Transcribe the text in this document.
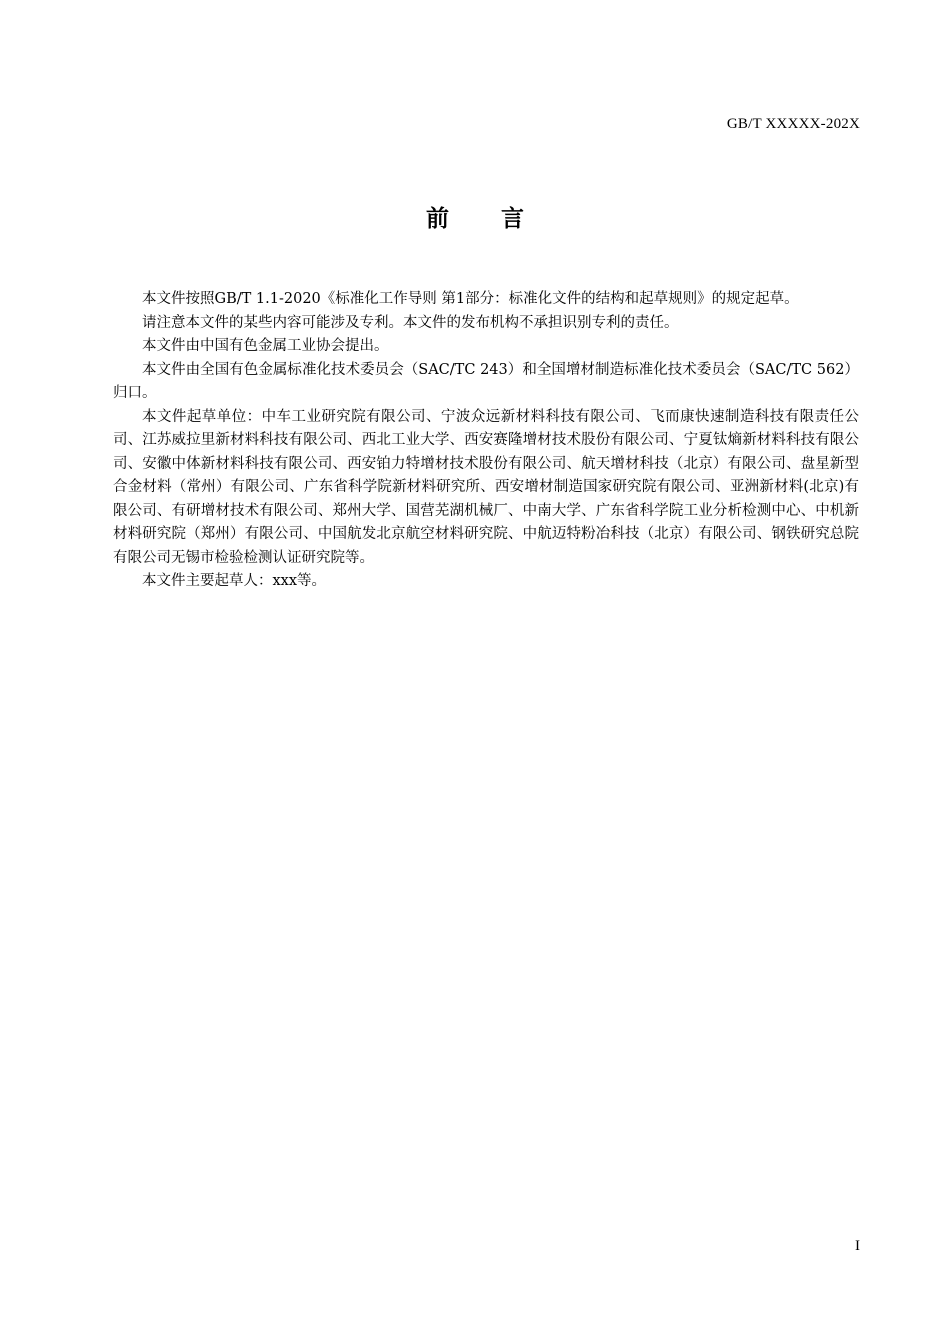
GB/T XXXXX-202X
前言

本文件按照GB/T 1.1-2020《标准化工作导则 第1部分：标准化文件的结构和起草规则》的规定起草。

请注意本文件的某些内容可能涉及专利。本文件的发布机构不承担识别专利的责任。

本文件由中国有色金属工业协会提出。

本文件由全国有色金属标准化技术委员会（SAC/TC 243）和全国增材制造标准化技术委员会（SAC/TC 562）归口。

本文件起草单位：中车工业研究院有限公司、宁波众远新材料科技有限公司、飞而康快速制造科技有限责任公司、江苏威拉里新材料科技有限公司、西北工业大学、西安赛隆增材技术股份有限公司、宁夏钛熵新材料科技有限公司、安徽中体新材料科技有限公司、西安铂力特增材技术股份有限公司、航天增材科技（北京）有限公司、盘星新型合金材料（常州）有限公司、广东省科学院新材料研究所、西安增材制造国家研究院有限公司、亚洲新材料(北京)有限公司、有研增材技术有限公司、郑州大学、国营芜湖机械厂、中南大学、广东省科学院工业分析检测中心、中机新材料研究院（郑州）有限公司、中国航发北京航空材料研究院、中航迈特粉冶科技（北京）有限公司、钢铁研究总院有限公司无锡市检验检测认证研究院等。

本文件主要起草人：xxx等。

I
